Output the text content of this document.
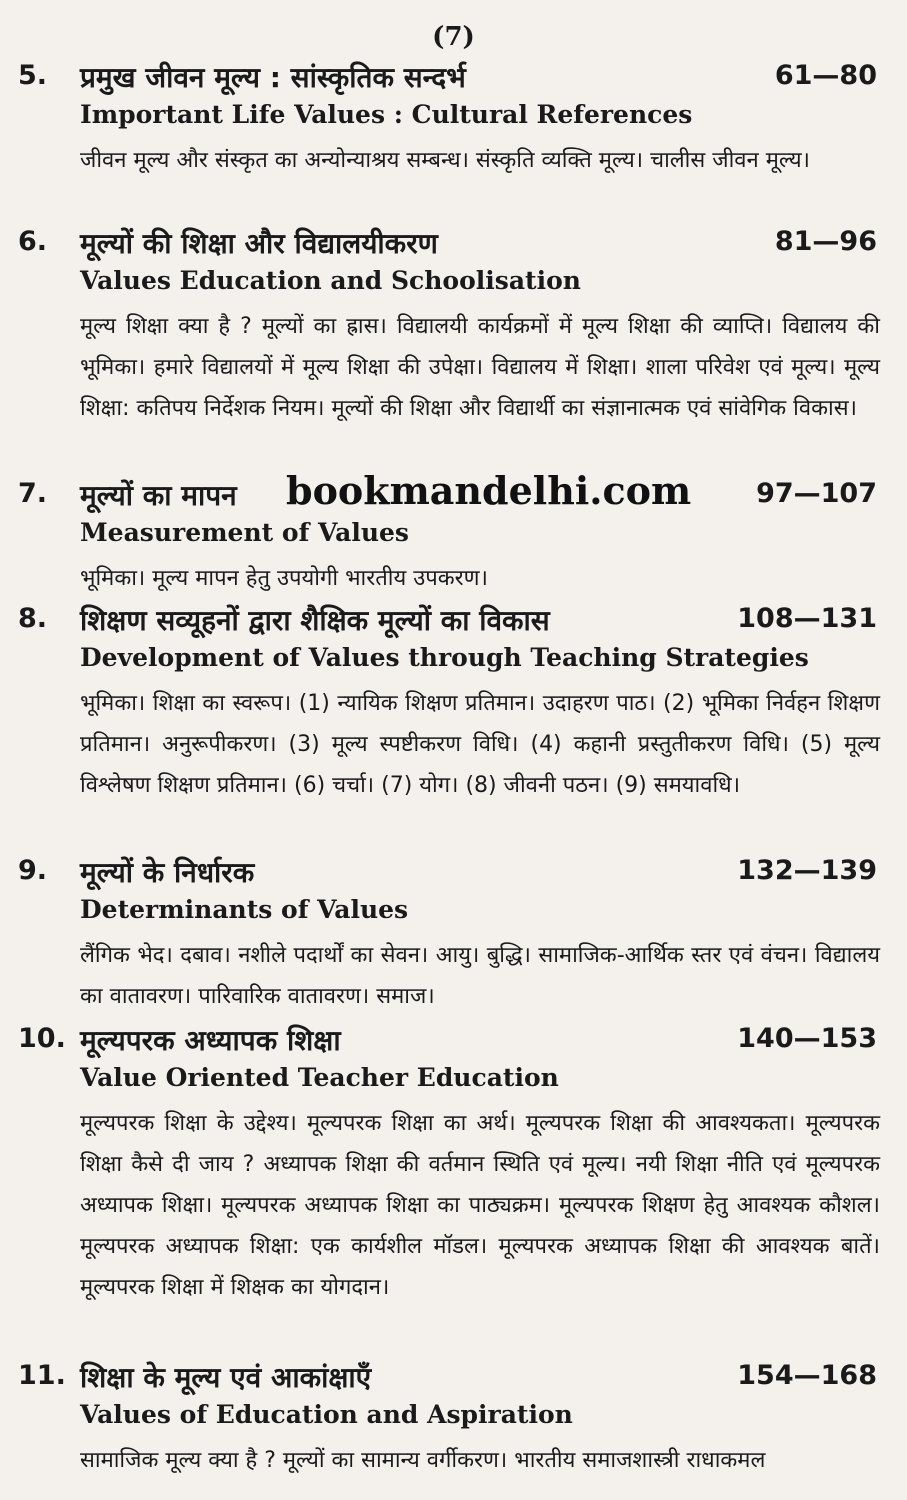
(7)
5. प्रमुख जीवन मूल्य : सांस्कृतिक सन्दर्भ	61—80
Important Life Values : Cultural References
जीवन मूल्य और संस्कृत का अन्योन्याश्रय सम्बन्ध। संस्कृति व्यक्ति मूल्य। चालीस जीवन मूल्य।
6. मूल्यों की शिक्षा और विद्यालयीकरण	81—96
Values Education and Schoolisation
मूल्य शिक्षा क्या है ? मूल्यों का ह्रास। विद्यालयी कार्यक्रमों में मूल्य शिक्षा की व्याप्ति। विद्यालय की भूमिका। हमारे विद्यालयों में मूल्य शिक्षा की उपेक्षा। विद्यालय में शिक्षा। शाला परिवेश एवं मूल्य। मूल्य शिक्षा: कतिपय निर्देशक नियम। मूल्यों की शिक्षा और विद्यार्थी का संज्ञानात्मक एवं सांवेगिक विकास।
7. मूल्यों का मापन	97—107
Measurement of Values
भूमिका। मूल्य मापन हेतु उपयोगी भारतीय उपकरण।
8. शिक्षण सव्यूहनों द्वारा शैक्षिक मूल्यों का विकास	108—131
Development of Values through Teaching Strategies
भूमिका। शिक्षा का स्वरूप। (1) न्यायिक शिक्षण प्रतिमान। उदाहरण पाठ। (2) भूमिका निर्वहन शिक्षण प्रतिमान। अनुरूपीकरण। (3) मूल्य स्पष्टीकरण विधि। (4) कहानी प्रस्तुतीकरण विधि। (5) मूल्य विश्लेषण शिक्षण प्रतिमान। (6) चर्चा। (7) योग। (8) जीवनी पठन। (9) समयावधि।
9. मूल्यों के निर्धारक	132—139
Determinants of Values
लैंगिक भेद। दबाव। नशीले पदार्थों का सेवन। आयु। बुद्धि। सामाजिक-आर्थिक स्तर एवं वंचन। विद्यालय का वातावरण। पारिवारिक वातावरण। समाज।
10. मूल्यपरक अध्यापक शिक्षा	140—153
Value Oriented Teacher Education
मूल्यपरक शिक्षा के उद्देश्य। मूल्यपरक शिक्षा का अर्थ। मूल्यपरक शिक्षा की आवश्यकता। मूल्यपरक शिक्षा कैसे दी जाय ? अध्यापक शिक्षा की वर्तमान स्थिति एवं मूल्य। नयी शिक्षा नीति एवं मूल्यपरक अध्यापक शिक्षा। मूल्यपरक अध्यापक शिक्षा का पाठ्यक्रम। मूल्यपरक शिक्षण हेतु आवश्यक कौशल। मूल्यपरक अध्यापक शिक्षा: एक कार्यशील मॉडल। मूल्यपरक अध्यापक शिक्षा की आवश्यक बातें। मूल्यपरक शिक्षा में शिक्षक का योगदान।
11. शिक्षा के मूल्य एवं आकांक्षाएँ	154—168
Values of Education and Aspiration
सामाजिक मूल्य क्या है ? मूल्यों का सामान्य वर्गीकरण। भारतीय समाजशास्त्री राधाकमल
bookmandelhi.com
